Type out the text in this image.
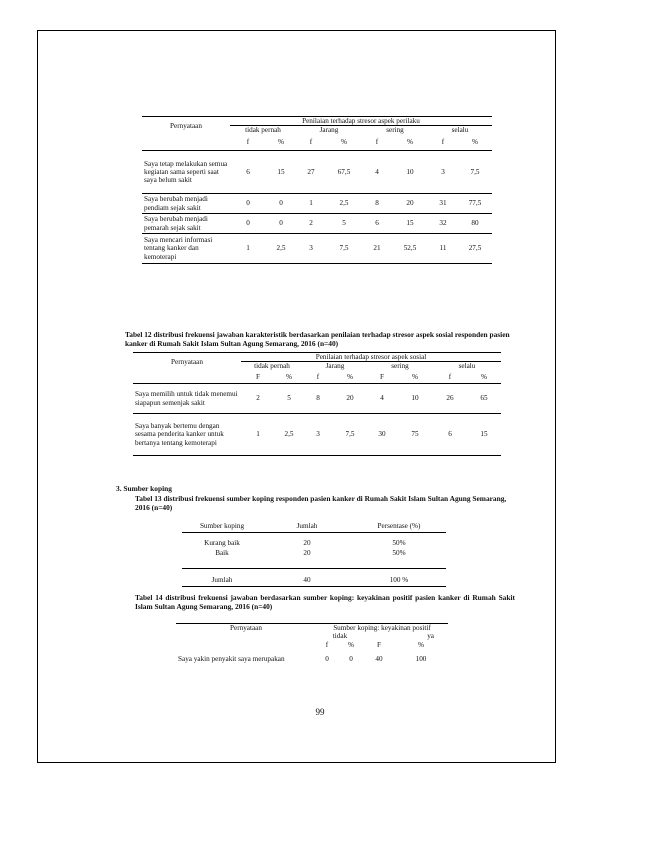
Pernyataan	Penilaian terhadap stresor aspek perilaku							
	tidak pernah		Jarang		sering		selalu	
	f	%	f	%	f	%	f	%
Saya tetap melakukan semua kegiatan sama seperti saat saya belum sakit	6	15	27	67,5	4	10	3	7,5
Saya berubah menjadi pendiam sejak sakit	0	0	1	2,5	8	20	31	77,5
Saya berubah menjadi pemarah sejak sakit	0	0	2	5	6	15	32	80
Saya mencari informasi tentang kanker dan kemoterapi	1	2,5	3	7,5	21	52,5	11	27,5
Tabel 12 distribusi frekuensi jawaban karakteristik berdasarkan penilaian terhadap stresor aspek sosial responden pasien kanker di Rumah Sakit Islam Sultan Agung Semarang, 2016 (n=40)
Pernyataan	Penilaian terhadap stresor aspek sosial							
	tidak pernah		Jarang		sering		selalu	
	F	%	f	%	F	%	f	%
Saya memilih untuk tidak menemui siapapun semenjak sakit	2	5	8	20	4	10	26	65
Saya banyak bertemu dengan sesama penderita kanker untuk bertanya tentang kemoterapi	1	2,5	3	7,5	30	75	6	15
3. Sumber koping
Tabel 13 distribusi frekuensi sumber koping responden pasien kanker di Rumah Sakit Islam Sultan Agung Semarang, 2016 (n=40)
Sumber koping	Jumlah	Persentase (%)

Kurang baik	20	50%
Baik	20	50%

Jumlah	40	100 %
Tabel 14 distribusi frekuensi jawaban berdasarkan sumber koping: keyakinan positif pasien kanker di Rumah Sakit Islam Sultan Agung Semarang, 2016 (n=40)
Pernyataan	Sumber koping: keyakinan positif			
	tidak		ya	
	f	%	F	%
Saya yakin penyakit saya merupakan	0	0	40	100
99
